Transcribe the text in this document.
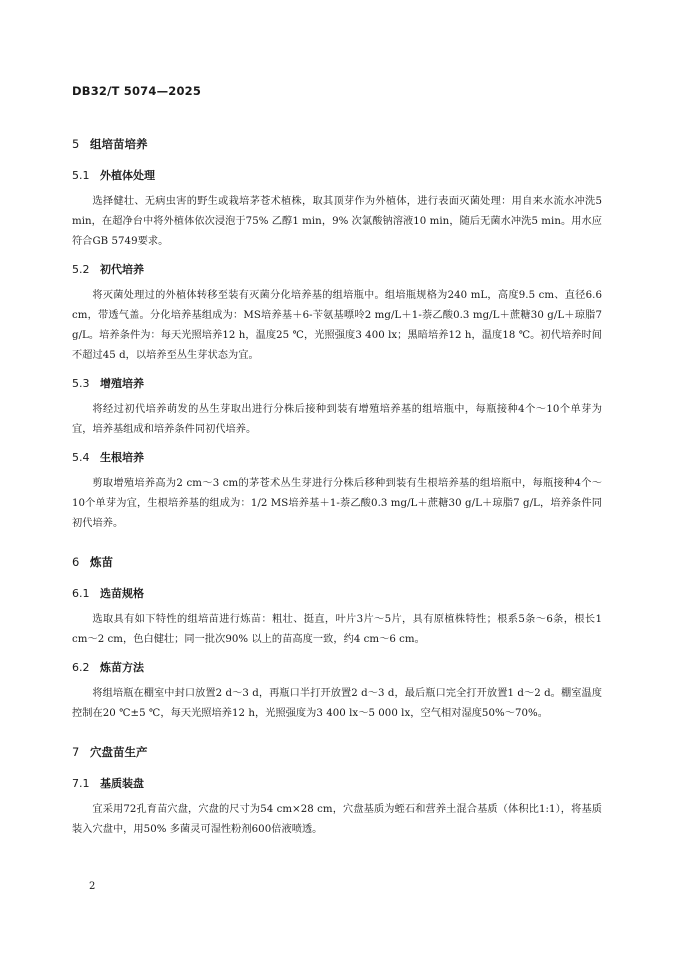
DB32/T 5074—2025
5 组培苗培养
5.1 外植体处理
选择健壮、无病虫害的野生或栽培茅苍术植株，取其顶芽作为外植体，进行表面灭菌处理：用自来水流水冲洗5 min，在超净台中将外植体依次浸泡于75% 乙醇1 min，9% 次氯酸钠溶液10 min，随后无菌水冲洗5 min。用水应符合GB 5749要求。
5.2 初代培养
将灭菌处理过的外植体转移至装有灭菌分化培养基的组培瓶中。组培瓶规格为240 mL，高度9.5 cm、直径6.6 cm，带透气盖。分化培养基组成为：MS培养基＋6-苄氨基嘌呤2 mg/L＋1-萘乙酸0.3 mg/L＋蔗糖30 g/L＋琼脂7 g/L。培养条件为：每天光照培养12 h，温度25 ℃，光照强度3 400 lx；黑暗培养12 h，温度18 ℃。初代培养时间不超过45 d，以培养至丛生芽状态为宜。
5.3 增殖培养
将经过初代培养萌发的丛生芽取出进行分株后接种到装有增殖培养基的组培瓶中，每瓶接种4个～10个单芽为宜，培养基组成和培养条件同初代培养。
5.4 生根培养
剪取增殖培养高为2 cm～3 cm的茅苍术丛生芽进行分株后移种到装有生根培养基的组培瓶中，每瓶接种4个～10个单芽为宜，生根培养基的组成为：1/2 MS培养基＋1-萘乙酸0.3 mg/L＋蔗糖30 g/L＋琼脂7 g/L，培养条件同初代培养。
6 炼苗
6.1 选苗规格
选取具有如下特性的组培苗进行炼苗：粗壮、挺直，叶片3片～5片，具有原植株特性；根系5条～6条，根长1 cm～2 cm，色白健壮；同一批次90% 以上的苗高度一致，约4 cm～6 cm。
6.2 炼苗方法
将组培瓶在棚室中封口放置2 d～3 d，再瓶口半打开放置2 d～3 d，最后瓶口完全打开放置1 d～2 d。棚室温度控制在20 ℃±5 ℃，每天光照培养12 h，光照强度为3 400 lx～5 000 lx，空气相对湿度50%～70%。
7 穴盘苗生产
7.1 基质装盘
宜采用72孔育苗穴盘，穴盘的尺寸为54 cm×28 cm，穴盘基质为蛭石和营养土混合基质（体积比1:1），将基质装入穴盘中，用50% 多菌灵可湿性粉剂600倍液喷透。
2
